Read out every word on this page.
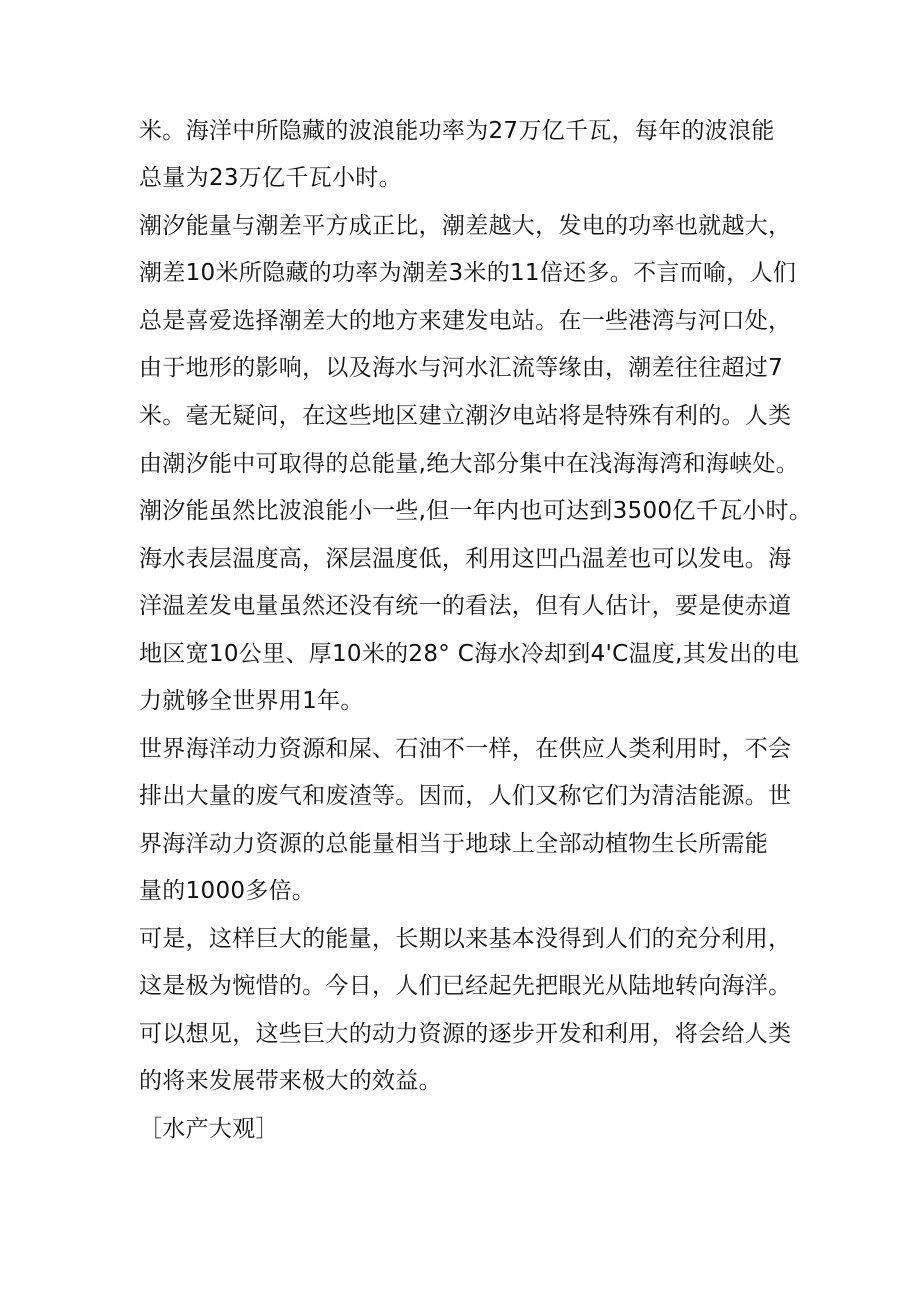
米。海洋中所隐藏的波浪能功率为27万亿千瓦，每年的波浪能
总量为23万亿千瓦小时。
潮汐能量与潮差平方成正比，潮差越大，发电的功率也就越大，
潮差10米所隐藏的功率为潮差3米的11倍还多。不言而喻，人们
总是喜爱选择潮差大的地方来建发电站。在一些港湾与河口处，
由于地形的影响，以及海水与河水汇流等缘由，潮差往往超过7
米。毫无疑问，在这些地区建立潮汐电站将是特殊有利的。人类
由潮汐能中可取得的总能量,绝大部分集中在浅海海湾和海峡处。
潮汐能虽然比波浪能小一些,但一年内也可达到3500亿千瓦小时。
海水表层温度高，深层温度低，利用这凹凸温差也可以发电。海
洋温差发电量虽然还没有统一的看法，但有人估计，要是使赤道
地区宽10公里、厚10米的28° C海水冷却到4'C温度,其发出的电
力就够全世界用1年。
世界海洋动力资源和屎、石油不一样，在供应人类利用时，不会
排出大量的废气和废渣等。因而，人们又称它们为清洁能源。世
界海洋动力资源的总能量相当于地球上全部动植物生长所需能
量的1000多倍。
可是，这样巨大的能量，长期以来基本没得到人们的充分利用，
这是极为惋惜的。今日，人们已经起先把眼光从陆地转向海洋。
可以想见，这些巨大的动力资源的逐步开发和利用，将会给人类
的将来发展带来极大的效益。
［水产大观］
